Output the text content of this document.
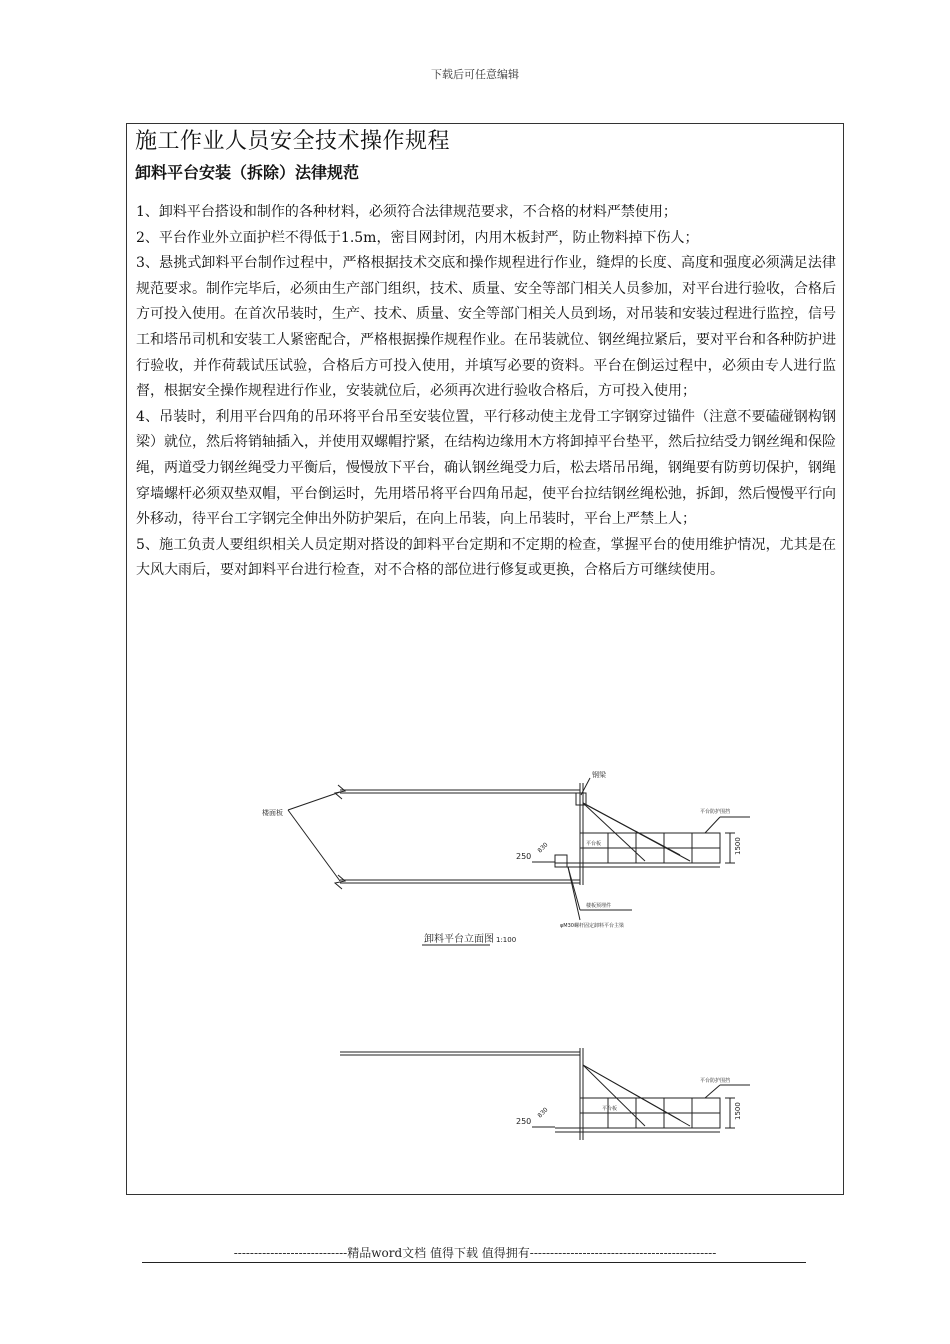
下载后可任意编辑
施工作业人员安全技术操作规程
卸料平台安装（拆除）法律规范

1、卸料平台搭设和制作的各种材料，必须符合法律规范要求，不合格的材料严禁使用；

2、平台作业外立面护栏不得低于1.5m，密目网封闭，内用木板封严，防止物料掉下伤人；

3、悬挑式卸料平台制作过程中，严格根据技术交底和操作规程进行作业，缝焊的长度、高度和强度必须满足法律规范要求。制作完毕后，必须由生产部门组织，技术、质量、安全等部门相关人员参加，对平台进行验收，合格后方可投入使用。在首次吊装时，生产、技术、质量、安全等部门相关人员到场，对吊装和安装过程进行监控，信号工和塔吊司机和安装工人紧密配合，严格根据操作规程作业。在吊装就位、钢丝绳拉紧后，要对平台和各种防护进行验收，并作荷载试压试验，合格后方可投入使用，并填写必要的资料。平台在倒运过程中，必须由专人进行监督，根据安全操作规程进行作业，安装就位后，必须再次进行验收合格后，方可投入使用；

4、吊装时，利用平台四角的吊环将平台吊至安装位置，平行移动使主龙骨工字钢穿过锚件（注意不要磕碰钢构钢梁）就位，然后将销轴插入，并使用双螺帽拧紧，在结构边缘用木方将卸掉平台垫平，然后拉结受力钢丝绳和保险绳，两道受力钢丝绳受力平衡后，慢慢放下平台，确认钢丝绳受力后，松去塔吊吊绳，钢绳要有防剪切保护，钢绳穿墙螺杆必须双垫双帽，平台倒运时，先用塔吊将平台四角吊起，使平台拉结钢丝绳松弛，拆卸，然后慢慢平行向外移动，待平台工字钢完全伸出外防护架后，在向上吊装，向上吊装时，平台上严禁上人；

5、施工负责人要组织相关人员定期对搭设的卸料平台定期和不定期的检查，掌握平台的使用维护情况，尤其是在大风大雨后，要对卸料平台进行检查，对不合格的部位进行修复或更换，合格后方可继续使用。

楼面板
钢梁
平台防护围挡
平台板
楼板预埋件
φM30螺杆固定卸料平台主梁
250
830	1500
卸料平台立面图 1:100
平台防护围挡
平台板
250
830	1500
----------------------------精品word文档 值得下载 值得拥有----------------------------------------------
